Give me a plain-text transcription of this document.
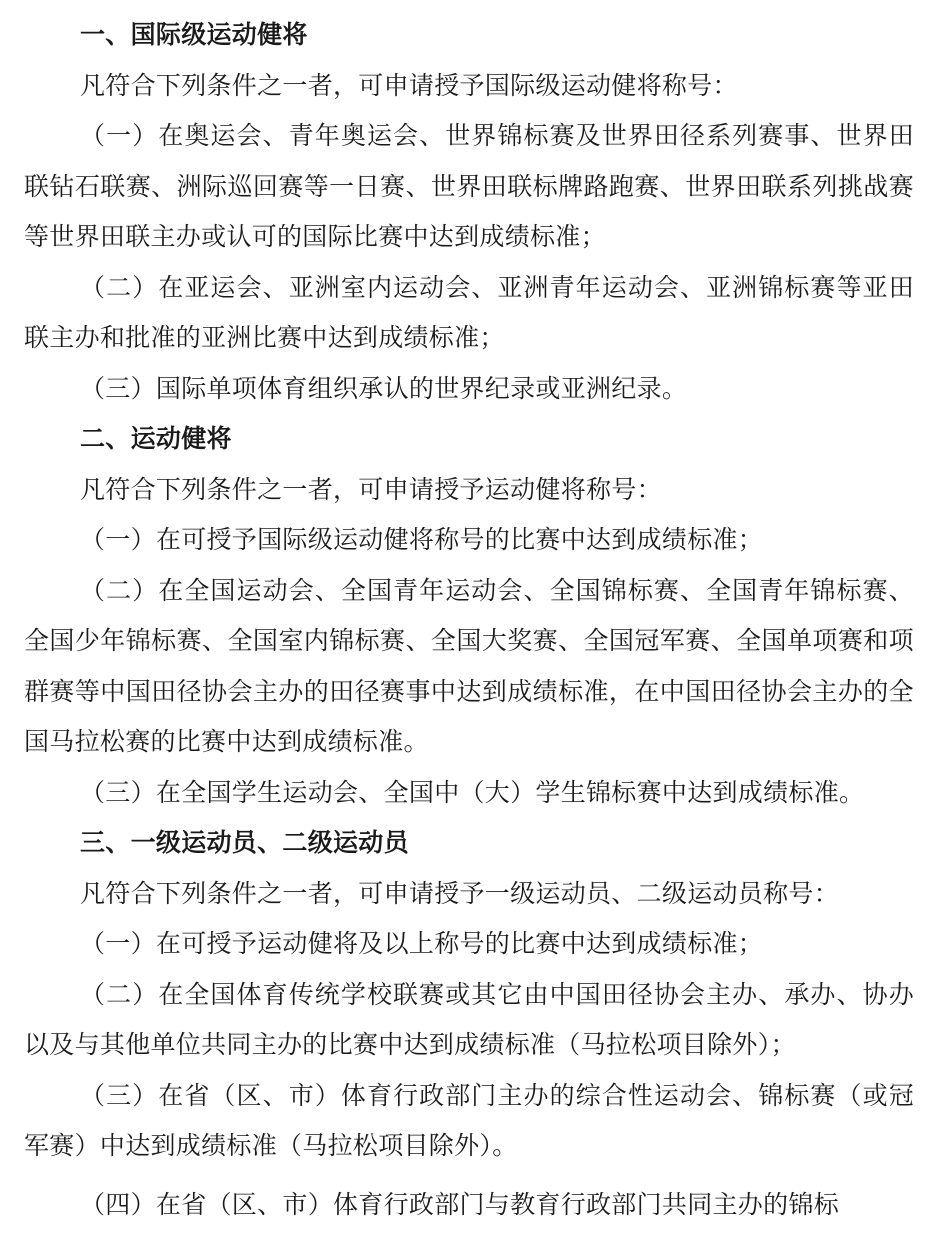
一、国际级运动健将

凡符合下列条件之一者，可申请授予国际级运动健将称号：

（一）在奥运会、青年奥运会、世界锦标赛及世界田径系列赛事、世界田联钻石联赛、洲际巡回赛等一日赛、世界田联标牌路跑赛、世界田联系列挑战赛等世界田联主办或认可的国际比赛中达到成绩标准；

（二）在亚运会、亚洲室内运动会、亚洲青年运动会、亚洲锦标赛等亚田联主办和批准的亚洲比赛中达到成绩标准；

（三）国际单项体育组织承认的世界纪录或亚洲纪录。

二、运动健将

凡符合下列条件之一者，可申请授予运动健将称号：

（一）在可授予国际级运动健将称号的比赛中达到成绩标准；

（二）在全国运动会、全国青年运动会、全国锦标赛、全国青年锦标赛、全国少年锦标赛、全国室内锦标赛、全国大奖赛、全国冠军赛、全国单项赛和项群赛等中国田径协会主办的田径赛事中达到成绩标准，在中国田径协会主办的全国马拉松赛的比赛中达到成绩标准。

（三）在全国学生运动会、全国中（大）学生锦标赛中达到成绩标准。

三、一级运动员、二级运动员

凡符合下列条件之一者，可申请授予一级运动员、二级运动员称号：

（一）在可授予运动健将及以上称号的比赛中达到成绩标准；

（二）在全国体育传统学校联赛或其它由中国田径协会主办、承办、协办以及与其他单位共同主办的比赛中达到成绩标准（马拉松项目除外）；

（三）在省（区、市）体育行政部门主办的综合性运动会、锦标赛（或冠军赛）中达到成绩标准（马拉松项目除外）。

（四）在省（区、市）体育行政部门与教育行政部门共同主办的锦标
